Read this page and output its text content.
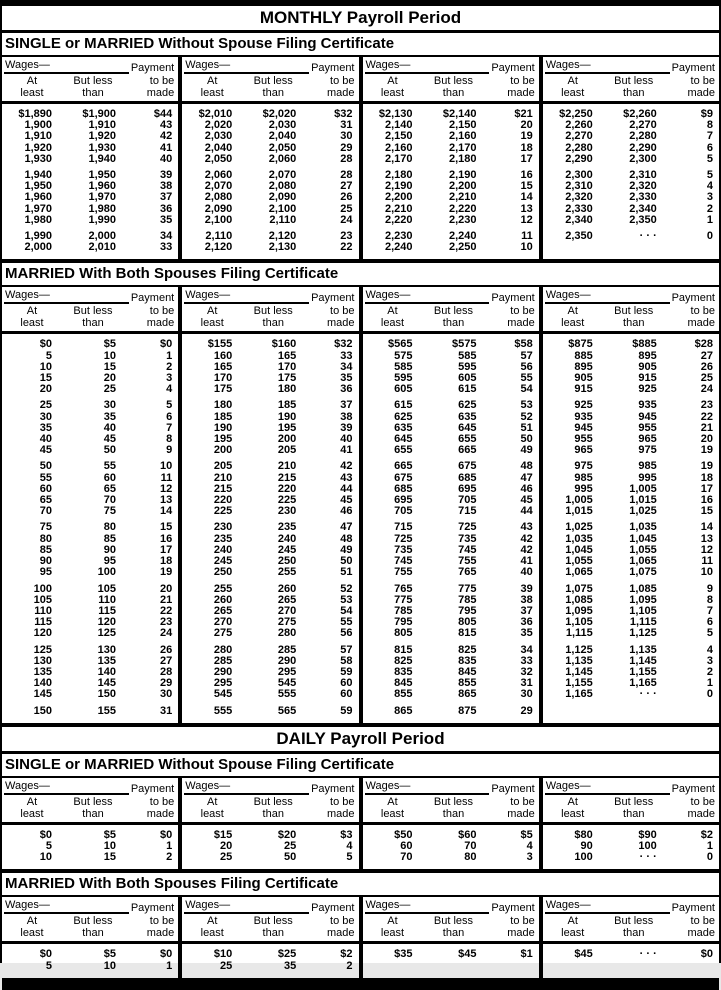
MONTHLY Payroll Period
SINGLE or MARRIED Without Spouse Filing Certificate
Wages—	Payment
At
least
But less
than
to be
made
$1,890	$1,900	$44
1,900	1,910	43
1,910	1,920	42
1,920	1,930	41
1,930	1,940	40
1,940	1,950	39
1,950	1,960	38
1,960	1,970	37
1,970	1,980	36
1,980	1,990	35
1,990	2,000	34
2,000	2,010	33
Wages—	Payment
At
least
But less
than
to be
made
$2,010	$2,020	$32
2,020	2,030	31
2,030	2,040	30
2,040	2,050	29
2,050	2,060	28
2,060	2,070	28
2,070	2,080	27
2,080	2,090	26
2,090	2,100	25
2,100	2,110	24
2,110	2,120	23
2,120	2,130	22
Wages—	Payment
At
least
But less
than
to be
made
$2,130	$2,140	$21
2,140	2,150	20
2,150	2,160	19
2,160	2,170	18
2,170	2,180	17
2,180	2,190	16
2,190	2,200	15
2,200	2,210	14
2,210	2,220	13
2,220	2,230	12
2,230	2,240	11
2,240	2,250	10
Wages—	Payment
At
least
But less
than
to be
made
$2,250	$2,260	$9
2,260	2,270	8
2,270	2,280	7
2,280	2,290	6
2,290	2,300	5
2,300	2,310	5
2,310	2,320	4
2,320	2,330	3
2,330	2,340	2
2,340	2,350	1
2,350	· · ·	0
MARRIED With Both Spouses Filing Certificate
Wages—	Payment
At
least
But less
than
to be
made
$0	$5	$0
5	10	1
10	15	2
15	20	3
20	25	4
25	30	5
30	35	6
35	40	7
40	45	8
45	50	9
50	55	10
55	60	11
60	65	12
65	70	13
70	75	14
75	80	15
80	85	16
85	90	17
90	95	18
95	100	19
100	105	20
105	110	21
110	115	22
115	120	23
120	125	24
125	130	26
130	135	27
135	140	28
140	145	29
145	150	30
150	155	31
Wages—	Payment
At
least
But less
than
to be
made
$155	$160	$32
160	165	33
165	170	34
170	175	35
175	180	36
180	185	37
185	190	38
190	195	39
195	200	40
200	205	41
205	210	42
210	215	43
215	220	44
220	225	45
225	230	46
230	235	47
235	240	48
240	245	49
245	250	50
250	255	51
255	260	52
260	265	53
265	270	54
270	275	55
275	280	56
280	285	57
285	290	58
290	295	59
295	545	60
545	555	60
555	565	59
Wages—	Payment
At
least
But less
than
to be
made
$565	$575	$58
575	585	57
585	595	56
595	605	55
605	615	54
615	625	53
625	635	52
635	645	51
645	655	50
655	665	49
665	675	48
675	685	47
685	695	46
695	705	45
705	715	44
715	725	43
725	735	42
735	745	42
745	755	41
755	765	40
765	775	39
775	785	38
785	795	37
795	805	36
805	815	35
815	825	34
825	835	33
835	845	32
845	855	31
855	865	30
865	875	29
Wages—	Payment
At
least
But less
than
to be
made
$875	$885	$28
885	895	27
895	905	26
905	915	25
915	925	24
925	935	23
935	945	22
945	955	21
955	965	20
965	975	19
975	985	19
985	995	18
995	1,005	17
1,005	1,015	16
1,015	1,025	15
1,025	1,035	14
1,035	1,045	13
1,045	1,055	12
1,055	1,065	11
1,065	1,075	10
1,075	1,085	9
1,085	1,095	8
1,095	1,105	7
1,105	1,115	6
1,115	1,125	5
1,125	1,135	4
1,135	1,145	3
1,145	1,155	2
1,155	1,165	1
1,165	· · ·	0
DAILY Payroll Period
SINGLE or MARRIED Without Spouse Filing Certificate
Wages—	Payment
At
least
But less
than
to be
made
$0	$5	$0
5	10	1
10	15	2
Wages—	Payment
At
least
But less
than
to be
made
$15	$20	$3
20	25	4
25	50	5
Wages—	Payment
At
least
But less
than
to be
made
$50	$60	$5
60	70	4
70	80	3
Wages—	Payment
At
least
But less
than
to be
made
$80	$90	$2
90	100	1
100	· · ·	0
MARRIED With Both Spouses Filing Certificate
Wages—	Payment
At
least
But less
than
to be
made
$0	$5	$0
5	10	1
Wages—	Payment
At
least
But less
than
to be
made
$10	$25	$2
25	35	2
Wages—	Payment
At
least
But less
than
to be
made
$35	$45	$1
Wages—	Payment
At
least
But less
than
to be
made
$45	· · ·	$0
